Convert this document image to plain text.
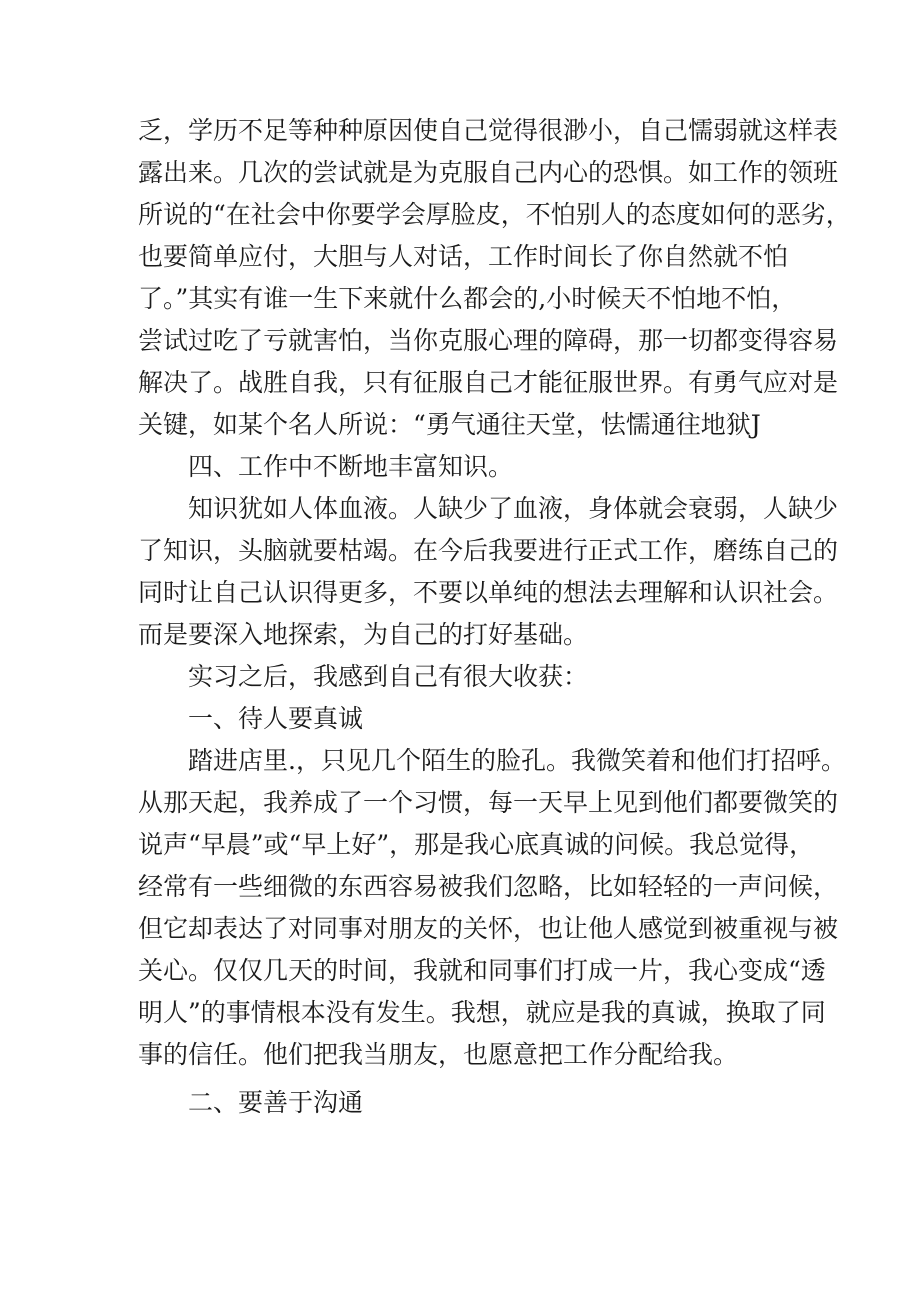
乏，学历不足等种种原因使自己觉得很渺小，自己懦弱就这样表
露出来。几次的尝试就是为克服自己内心的恐惧。如工作的领班
所说的“在社会中你要学会厚脸皮，不怕别人的态度如何的恶劣，
也要简单应付，大胆与人对话，工作时间长了你自然就不怕
了。”其实有谁一生下来就什么都会的,小时候天不怕地不怕，
尝试过吃了亏就害怕，当你克服心理的障碍，那一切都变得容易
解决了。战胜自我，只有征服自己才能征服世界。有勇气应对是
关键，如某个名人所说：“勇气通往天堂，怯懦通往地狱J
四、工作中不断地丰富知识。
知识犹如人体血液。人缺少了血液，身体就会衰弱，人缺少
了知识，头脑就要枯竭。在今后我要进行正式工作，磨练自己的
同时让自己认识得更多，不要以单纯的想法去理解和认识社会。
而是要深入地探索，为自己的打好基础。
实习之后，我感到自己有很大收获：
一、待人要真诚
踏进店里.，只见几个陌生的脸孔。我微笑着和他们打招呼。
从那天起，我养成了一个习惯，每一天早上见到他们都要微笑的
说声“早晨”或“早上好”，那是我心底真诚的问候。我总觉得，
经常有一些细微的东西容易被我们忽略，比如轻轻的一声问候，
但它却表达了对同事对朋友的关怀，也让他人感觉到被重视与被
关心。仅仅几天的时间，我就和同事们打成一片，我心变成“透
明人”的事情根本没有发生。我想，就应是我的真诚，换取了同
事的信任。他们把我当朋友，也愿意把工作分配给我。
二、要善于沟通
